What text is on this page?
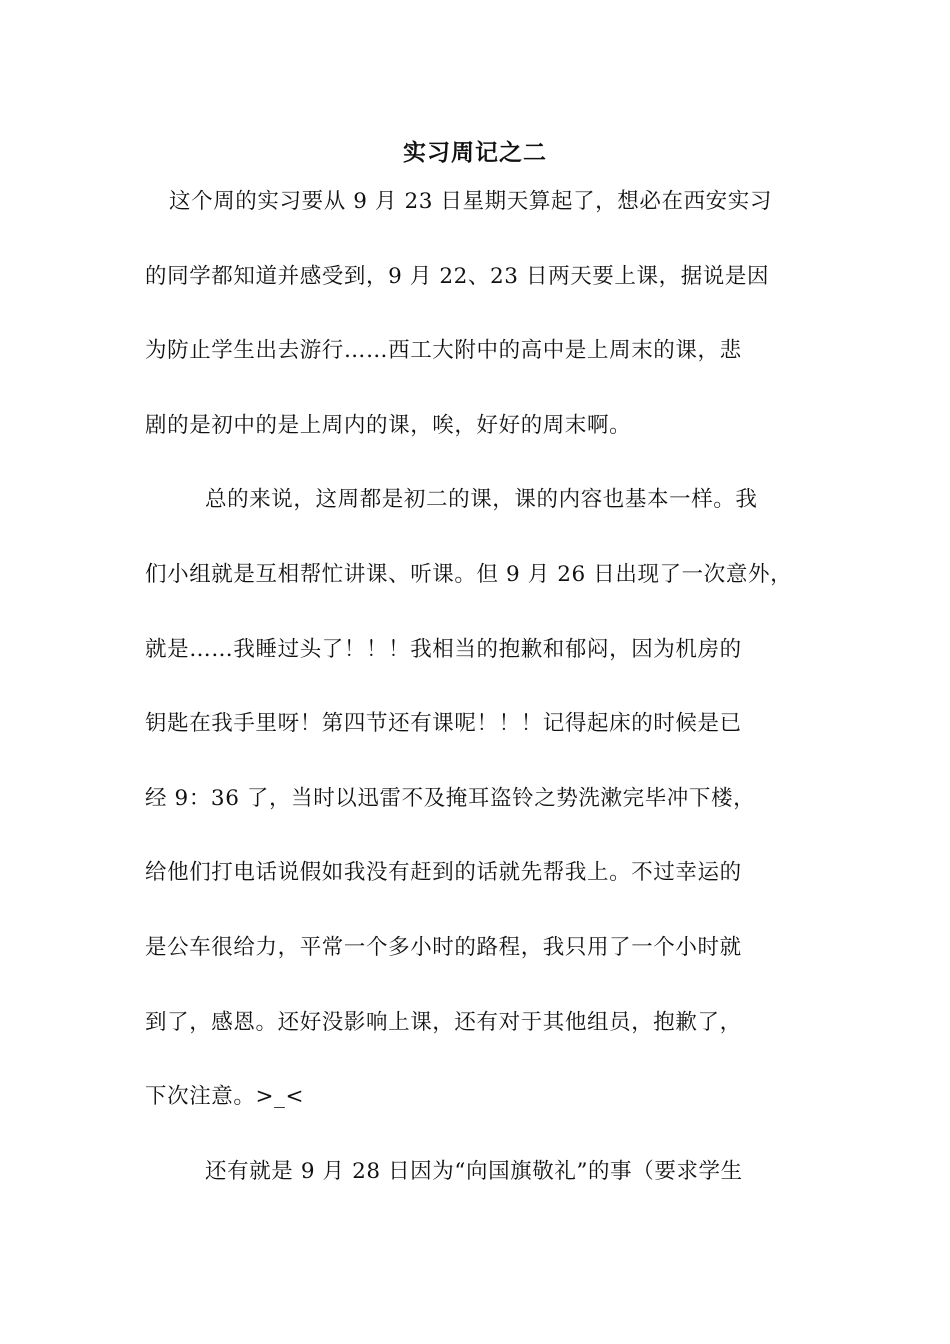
实习周记之二
这个周的实习要从 9 月 23 日星期天算起了，想必在西安实习
的同学都知道并感受到，9 月 22、23 日两天要上课，据说是因
为防止学生出去游行……西工大附中的高中是上周末的课，悲
剧的是初中的是上周内的课，唉，好好的周末啊。
总的来说，这周都是初二的课，课的内容也基本一样。我
们小组就是互相帮忙讲课、听课。但 9 月 26 日出现了一次意外，
就是……我睡过头了！！！我相当的抱歉和郁闷，因为机房的
钥匙在我手里呀！第四节还有课呢！！！记得起床的时候是已
经 9：36 了，当时以迅雷不及掩耳盗铃之势洗漱完毕冲下楼，
给他们打电话说假如我没有赶到的话就先帮我上。不过幸运的
是公车很给力，平常一个多小时的路程，我只用了一个小时就
到了，感恩。还好没影响上课，还有对于其他组员，抱歉了，
下次注意。>_<
还有就是 9 月 28 日因为“向国旗敬礼”的事（要求学生
